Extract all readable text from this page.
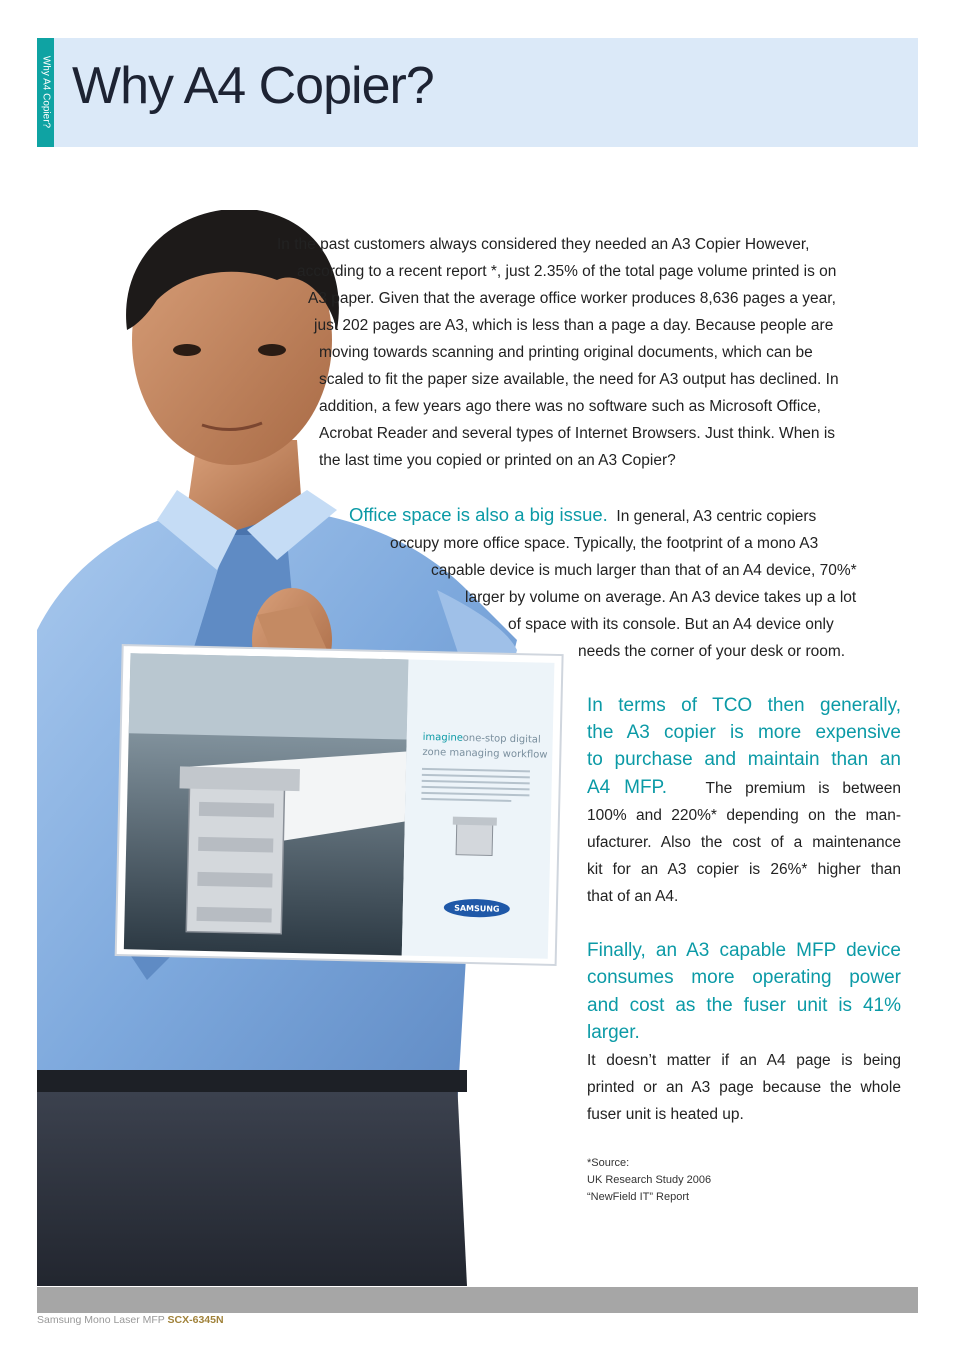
Why A4 Copier? Why A4 Copier?
imagine one-stop digital
zone managing workflow
SAMSUNG

In the past customers always considered they needed an A3 Copier However,

according to a recent report *, just 2.35% of the total page volume printed is on

A3 paper. Given that the average office worker produces 8,636 pages a year,

just 202 pages are A3, which is less than a page a day. Because people are

moving towards scanning and printing original documents, which can be

scaled to fit the paper size available, the need for A3 output has declined. In

addition, a few years ago there was no software such as Microsoft Office,

Acrobat Reader and several types of Internet Browsers. Just think. When is

the last time you copied or printed on an A3 Copier?

Office space is also a big issue. In general, A3 centric copiers

occupy more office space. Typically, the footprint of a mono A3

capable device is much larger than that of an A4 device, 70%*

larger by volume on average. An A3 device takes up a lot

of space with its console. But an A4 device only

needs the corner of your desk or room.

In terms of TCO then generally,

the A3 copier is more expensive

to purchase and maintain than an

A4 MFP. The premium is between

100% and 220%* depending on the man-

ufacturer. Also the cost of a maintenance

kit for an A3 copier is 26%* higher than

that of an A4.

Finally, an A3 capable MFP device

consumes more operating power

and cost as the fuser unit is 41%

larger.

It doesn’t matter if an A4 page is being

printed or an A3 page because the whole

fuser unit is heated up.

*Source:
UK Research Study 2006
“NewField IT” Report
Samsung Mono Laser MFP SCX-6345N
